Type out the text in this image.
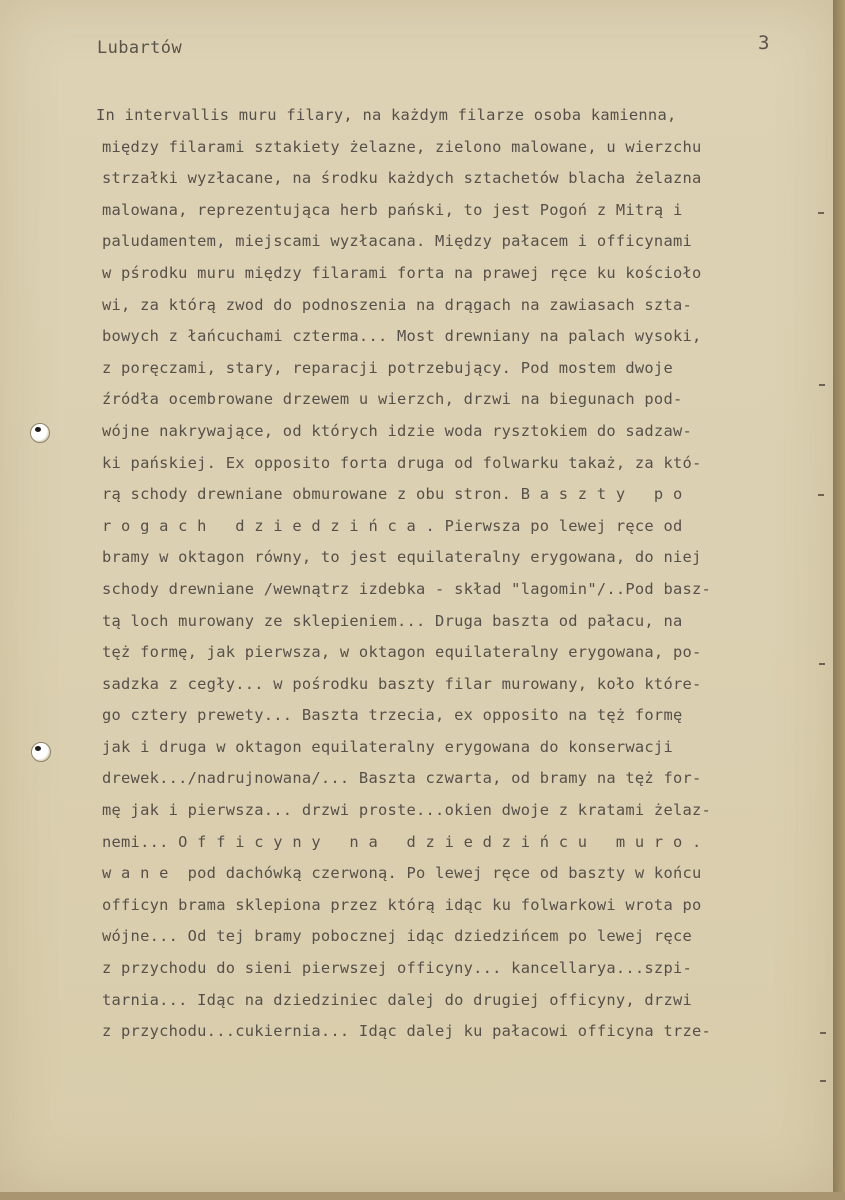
Lubartów	3
In intervallis muru filary, na każdym filarze osoba kamienna,
między filarami sztakiety żelazne, zielono malowane, u wierzchu
strzałki wyzłacane, na środku każdych sztachetów blacha żelazna
malowana, reprezentująca herb pański, to jest Pogoń z Mitrą i
paludamentem, miejscami wyzłacana. Między pałacem i officynami
w pśrodku muru między filarami forta na prawej ręce ku kościoło
wi, za którą zwod do podnoszenia na drągach na zawiasach szta-
bowych z łańcuchami czterma... Most drewniany na palach wysoki,
z poręczami, stary, reparacji potrzebujący. Pod mostem dwoje
źródła ocembrowane drzewem u wierzch, drzwi na biegunach pod-
wójne nakrywające, od których idzie woda rysztokiem do sadzaw-
ki pańskiej. Ex opposito forta druga od folwarku takaż, za któ-
rą schody drewniane obmurowane z obu stron. B a s z t y   p o
r o g a c h   d z i e d z i ń c a . Pierwsza po lewej ręce od
bramy w oktagon równy, to jest equilateralny erygowana, do niej
schody drewniane /wewnątrz izdebka - skład "lagomin"/..Pod basz-
tą loch murowany ze sklepieniem... Druga baszta od pałacu, na
tęż formę, jak pierwsza, w oktagon equilateralny erygowana, po-
sadzka z cegły... w pośrodku baszty filar murowany, koło które-
go cztery prewety... Baszta trzecia, ex opposito na tęż formę
jak i druga w oktagon equilateralny erygowana do konserwacji
drewek.../nadrujnowana/... Baszta czwarta, od bramy na tęż for-
mę jak i pierwsza... drzwi proste...okien dwoje z kratami żelaz-
nemi... O f f i c y n y   n a   d z i e d z i ń c u   m u r o .
w a n e  pod dachówką czerwoną. Po lewej ręce od baszty w końcu
officyn brama sklepiona przez którą idąc ku folwarkowi wrota po
wójne... Od tej bramy pobocznej idąc dziedzińcem po lewej ręce
z przychodu do sieni pierwszej officyny... kancellarya...szpi-
tarnia... Idąc na dziedziniec dalej do drugiej officyny, drzwi
z przychodu...cukiernia... Idąc dalej ku pałacowi officyna trze-
